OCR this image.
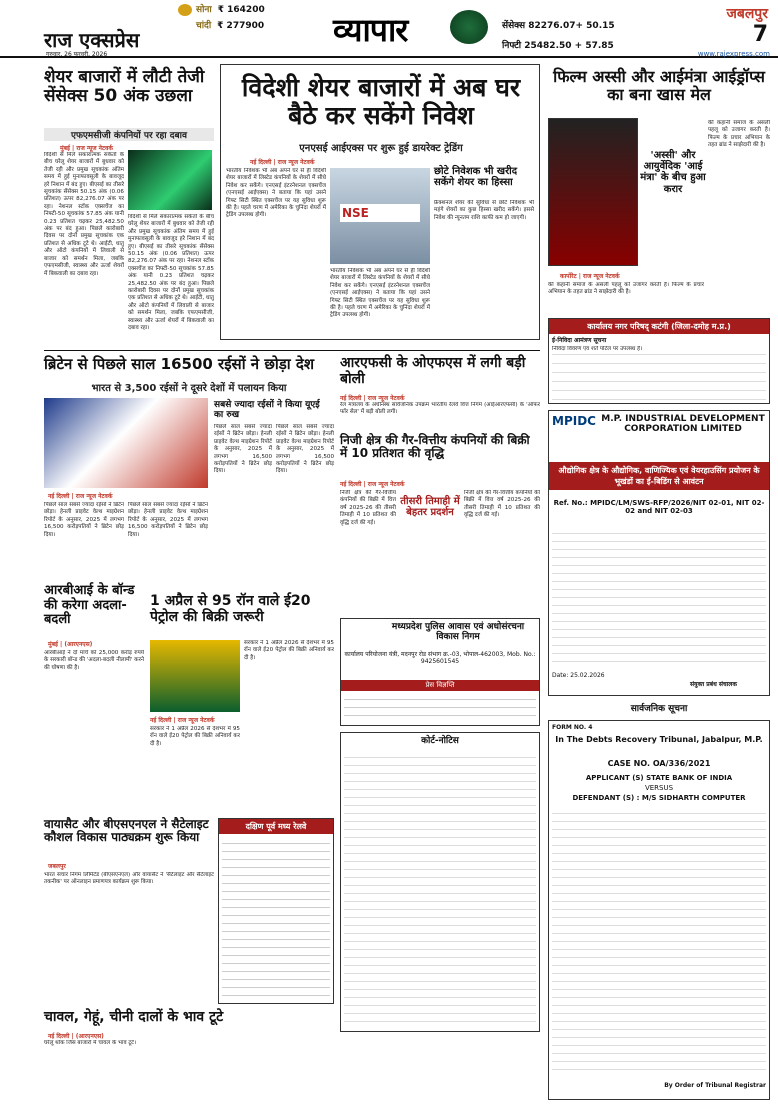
राज एक्सप्रेस
गुरुवार, 26 फरवरी, 2026
सोना ₹ 164200
चांदी ₹ 277900 व्यापार	सेंसेक्स 82276.07+ 50.15
निफ्टी 25482.50 + 57.85
जबलपुर
7
www.rajexpress.com
शेयर बाजारों में लौटी तेजी सेंसेक्स 50 अंक उछला
एफएमसीजी कंपनियों पर रहा दबाव
मुंबई | राज न्यूज नेटवर्क
विदेशी से मिले सकारात्मक संकेतों के बीच घरेलू शेयर बाजारों में बुधवार को तेजी रही और प्रमुख सूचकांक अंतिम समय में हुई मुनाफावसूली के बावजूद हरे निशान में बंद हुए। बीएसई का तीसरे सूचकांक सेंसेक्स 50.15 अंक (0.06 प्रतिशत) ऊपर 82,276.07 अंक पर रहा। नेशनल स्टॉक एक्सचेंज का निफ्टी-50 सूचकांक 57.85 अंक यानी 0.23 प्रतिशत चढ़कर 25,482.50 अंक पर बंद हुआ। पिछले कारोबारी दिवस पर दोनों प्रमुख सूचकांक एक प्रतिशत से अधिक टूटे थे। आईटी, धातु और ऑटो कंपनियों में लिवाली से बाजार को समर्थन मिला, जबकि एफएमसीजी, स्वास्थ्य और ऊर्जा शेयरों में बिकवाली का दबाव रहा।
विदेशी से मिले सकारात्मक संकेतों के बीच घरेलू शेयर बाजारों में बुधवार को तेजी रही और प्रमुख सूचकांक अंतिम समय में हुई मुनाफावसूली के बावजूद हरे निशान में बंद हुए। बीएसई का तीसरे सूचकांक सेंसेक्स 50.15 अंक (0.06 प्रतिशत) ऊपर 82,276.07 अंक पर रहा। नेशनल स्टॉक एक्सचेंज का निफ्टी-50 सूचकांक 57.85 अंक यानी 0.23 प्रतिशत चढ़कर 25,482.50 अंक पर बंद हुआ। पिछले कारोबारी दिवस पर दोनों प्रमुख सूचकांक एक प्रतिशत से अधिक टूटे थे। आईटी, धातु और ऑटो कंपनियों में लिवाली से बाजार को समर्थन मिला, जबकि एफएमसीजी, स्वास्थ्य और ऊर्जा शेयरों में बिकवाली का दबाव रहा।
विदेशी शेयर बाजारों में अब घर बैठे कर सकेंगे निवेश
एनएसई आईएक्स पर शुरू हुई डायरेक्ट ट्रेडिंग
नई दिल्ली | राज न्यूज नेटवर्क
भारतीय निवेशक भी अब अपने घर से ही विदेशी शेयर बाजारों में लिस्टेड कंपनियों के शेयरों में सीधे निवेश कर सकेंगे। एनएसई इंटरनेशनल एक्सचेंज (एनएसई आईएक्स) ने बताया कि यहां उसने गिफ्ट सिटी स्थित एक्सचेंज पर यह सुविधा शुरू की है। पहले चरण में अमेरिका के चुनिंदा शेयरों में ट्रेडिंग उपलब्ध होगी।	NSE
भारतीय निवेशक भी अब अपने घर से ही विदेशी शेयर बाजारों में लिस्टेड कंपनियों के शेयरों में सीधे निवेश कर सकेंगे। एनएसई इंटरनेशनल एक्सचेंज (एनएसई आईएक्स) ने बताया कि यहां उसने गिफ्ट सिटी स्थित एक्सचेंज पर यह सुविधा शुरू की है। पहले चरण में अमेरिका के चुनिंदा शेयरों में ट्रेडिंग उपलब्ध होगी।
छोटे निवेशक भी खरीद सकेंगे शेयर का हिस्सा
फ्रैक्शनल शेयर की सुविधा से छोटे निवेशक भी महंगे शेयरों का कुछ हिस्सा खरीद सकेंगे। इससे निवेश की न्यूनतम राशि काफी कम हो जाएगी।
फिल्म अस्सी और आईमंत्रा आईड्रॉप्स का बना खास मेल
'अस्सी' और आयुर्वेदिक 'आई मंत्रा' के बीच हुआ करार
की कहानी समाज के असली पहलू को उजागर करती है। फिल्म के प्रचार अभियान के तहत ब्रांड ने साझेदारी की है।
कार्पोरेट | राज न्यूज नेटवर्क
की कहानी समाज के असली पहलू को उजागर करती है। फिल्म के प्रचार अभियान के तहत ब्रांड ने साझेदारी की है।
कार्यालय नगर परिषद् कटंगी (जिला-दमोह म.प्र.)
ई-निविदा आमंत्रण सूचना
निविदा विवरण एवं शर्तें पोर्टल पर उपलब्ध हैं।
ब्रिटेन से पिछले साल 16500 रईसों ने छोड़ा देश
भारत से 3,500 रईसों ने दूसरे देशों में पलायन किया
नई दिल्ली | राज न्यूज नेटवर्क
पिछले साल सबसे ज्यादा रईसों ने ब्रिटेन छोड़ा। हेनली प्राइवेट वेल्थ माइग्रेशन रिपोर्ट के अनुसार, 2025 में लगभग 16,500 करोड़पतियों ने ब्रिटेन छोड़ दिया।
पिछले साल सबसे ज्यादा रईसों ने ब्रिटेन छोड़ा। हेनली प्राइवेट वेल्थ माइग्रेशन रिपोर्ट के अनुसार, 2025 में लगभग 16,500 करोड़पतियों ने ब्रिटेन छोड़ दिया।
सबसे ज्यादा रईसों ने किया यूएई का रुख
पिछले साल सबसे ज्यादा रईसों ने ब्रिटेन छोड़ा। हेनली प्राइवेट वेल्थ माइग्रेशन रिपोर्ट के अनुसार, 2025 में लगभग 16,500 करोड़पतियों ने ब्रिटेन छोड़ दिया।
पिछले साल सबसे ज्यादा रईसों ने ब्रिटेन छोड़ा। हेनली प्राइवेट वेल्थ माइग्रेशन रिपोर्ट के अनुसार, 2025 में लगभग 16,500 करोड़पतियों ने ब्रिटेन छोड़ दिया।
आरबीआई के बॉन्ड की करेगा अदला-बदली
मुंबई | (आरएनएस)
आरबीआई ने दो मार्च को 25,000 करोड़ रुपये के सरकारी बॉन्ड की 'अदला-बदली नीलामी' करने की घोषणा की है।
1 अप्रैल से 95 रॉन वाले ई20 पेट्रोल की बिक्री जरूरी
नई दिल्ली | राज न्यूज नेटवर्क
सरकार ने 1 अप्रैल 2026 से देशभर में 95 रॉन वाले ई20 पेट्रोल की बिक्री अनिवार्य कर दी है।
सरकार ने 1 अप्रैल 2026 से देशभर में 95 रॉन वाले ई20 पेट्रोल की बिक्री अनिवार्य कर दी है।
वायासैट और बीएसएनएल ने सैटेलाइट कौशल विकास पाठ्यक्रम शुरू किया
जबलपुर
भारत संचार निगम लिमिटेड (बीएसएनएल) और वायासैट ने 'सैटेलाइट और सैटेलाइट तकनीक' पर ऑनलाइन प्रमाणपत्र कार्यक्रम शुरू किया।
चावल, गेहूं, चीनी दालों के भाव टूटे
नई दिल्ली | (आरएनएस)
घरेलू थोक जिंस बाजारों में चावल के भाव टूटे।
दक्षिण पूर्व मध्य रेलवे
आरएफसी के ओएफएस में लगी बड़ी बोली
नई दिल्ली | राज न्यूज नेटवर्क
रेल मंत्रालय के अधीनस्थ सार्वजनिक उपक्रम भारतीय रेलवे वित्त निगम (आईआरएफसी) के 'ऑफर फॉर सेल' में बड़ी बोली लगी।
निजी क्षेत्र की गैर-वित्तीय कंपनियों की बिक्री में 10 प्रतिशत की वृद्धि
नई दिल्ली | राज न्यूज नेटवर्क
निजी क्षेत्र की गैर-वित्तीय कंपनियों की बिक्री में वित्त वर्ष 2025-26 की तीसरी तिमाही में 10 प्रतिशत की वृद्धि दर्ज की गई।
तीसरी तिमाही में बेहतर प्रदर्शन
निजी क्षेत्र की गैर-वित्तीय कंपनियों की बिक्री में वित्त वर्ष 2025-26 की तीसरी तिमाही में 10 प्रतिशत की वृद्धि दर्ज की गई।
MPIDC M.P. INDUSTRIAL DEVELOPMENT CORPORATION LIMITED
औद्योगिक क्षेत्र के औद्योगिक, वाणिज्यिक एवं वेयरहाउसिंग प्रयोजन के भूखंडों का ई-बिडिंग से आवंटन
Ref. No.: MPIDC/LM/SWS-RFP/2026/NIT 02-01, NIT 02-02 and NIT 02-03
Date: 25.02.2026
संयुक्त प्रबंध संचालक
मध्यप्रदेश पुलिस आवास एवं अधोसंरचना विकास निगम
कार्यालय परियोजना यंत्री, मदनपुर रोड संभाग क्र.-03, भोपाल-462003, Mob. No.: 9425601545
प्रेस विज्ञप्ति
कोर्ट-नोटिस
सार्वजनिक सूचना
FORM NO. 4
In The Debts Recovery Tribunal, Jabalpur, M.P.
CASE NO. OA/336/2021
APPLICANT (S) STATE BANK OF INDIA
VERSUS
DEFENDANT (S) : M/S SIDHARTH COMPUTER
By Order of Tribunal Registrar
